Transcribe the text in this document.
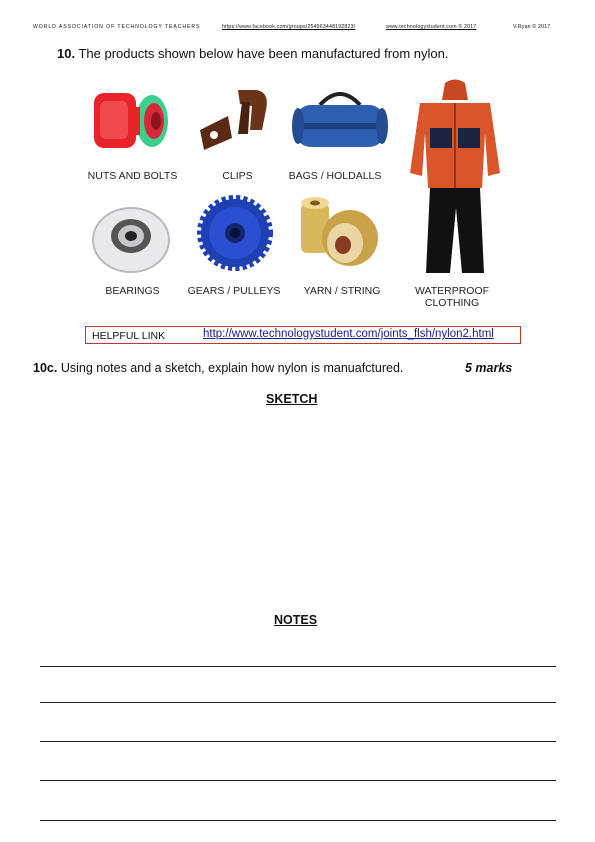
WORLD ASSOCIATION OF TECHNOLOGY TEACHERS	https://www.facebook.com/groups/254963448192823/	www.technologystudent.com © 2017	V.Ryan © 2017
10. The products shown below have been manufactured from nylon.
NUTS AND BOLTS	CLIPS	BAGS / HOLDALLS
WATERPROOF CLOTHING
BEARINGS	GEARS / PULLEYS	YARN / STRING
HELPFUL LINK	http://www.technologystudent.com/joints_flsh/nylon2.html
10c. Using notes and a sketch, explain how nylon is manuafctured.	5 marks
SKETCH
NOTES
